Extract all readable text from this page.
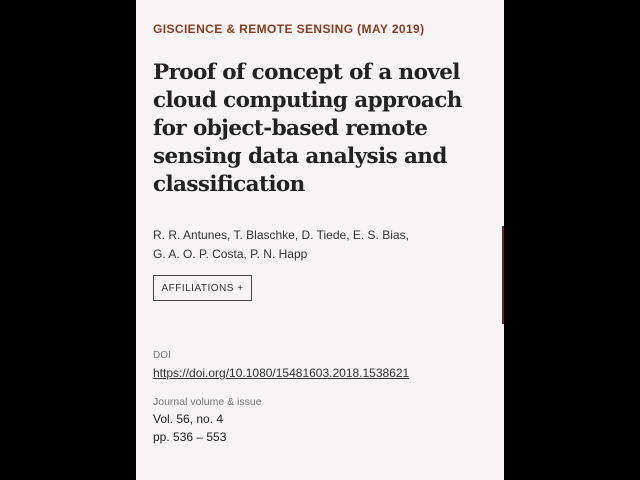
GISCIENCE & REMOTE SENSING (MAY 2019)
Proof of concept of a novel cloud computing approach for object-based remote sensing data analysis and classification
R. R. Antunes, T. Blaschke, D. Tiede, E. S. Bias,
G. A. O. P. Costa, P. N. Happ
AFFILIATIONS +
DOI
https://doi.org/10.1080/15481603.2018.1538621
Journal volume & issue
Vol. 56, no. 4
pp. 536 – 553
